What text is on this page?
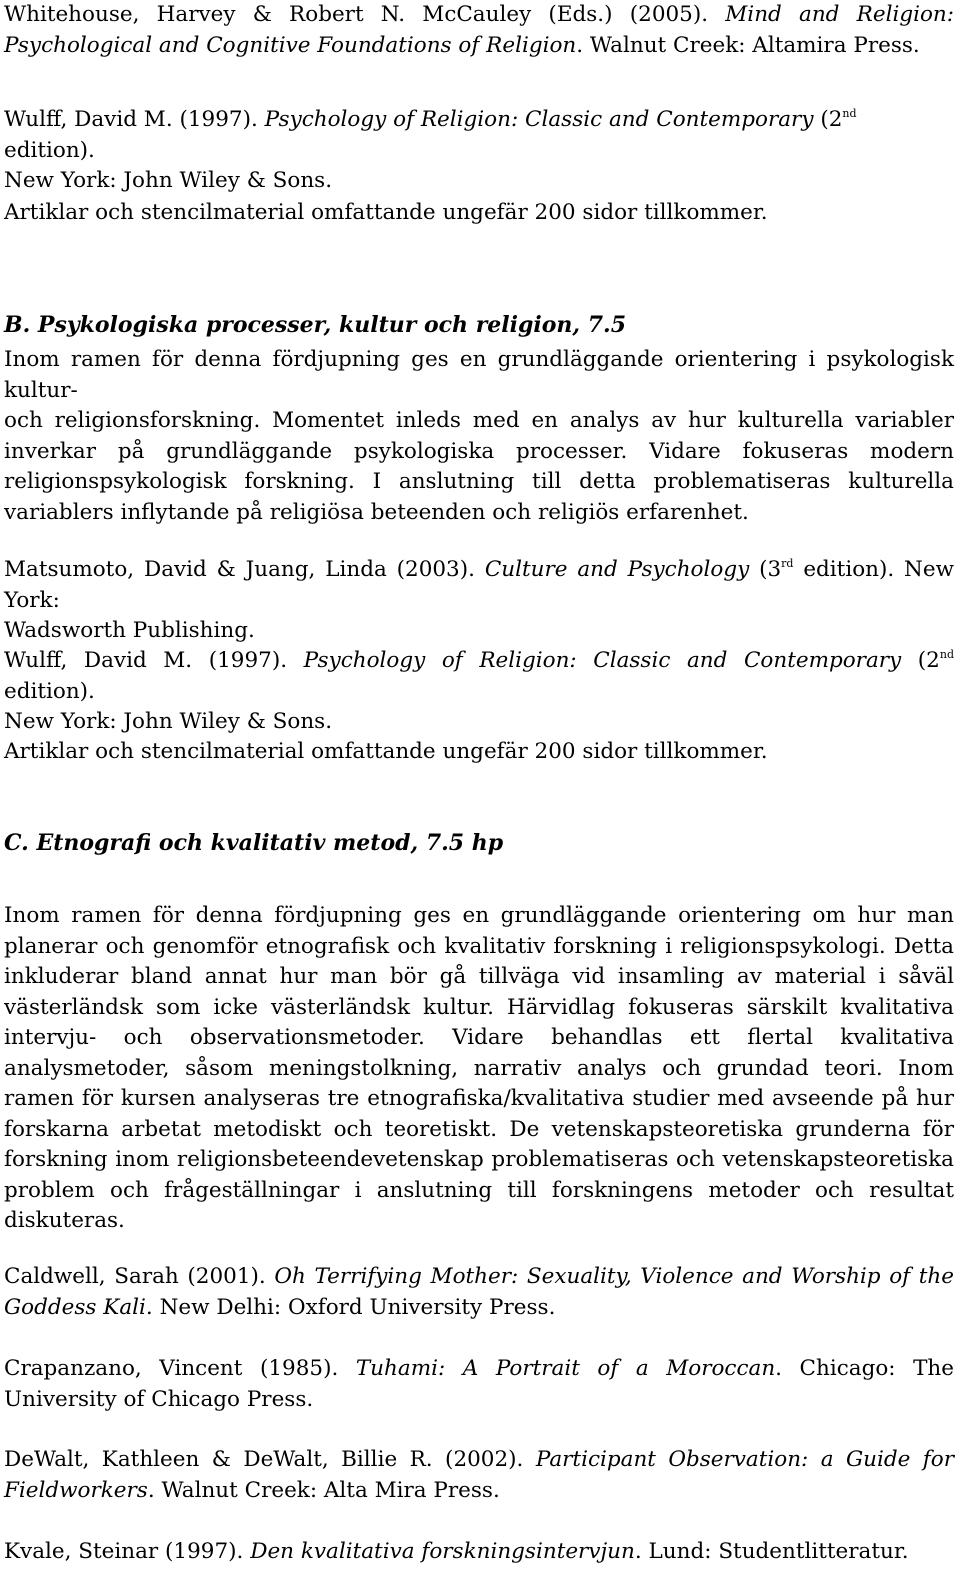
Whitehouse, Harvey & Robert N. McCauley (Eds.) (2005). Mind and Religion:
Psychological and Cognitive Foundations of Religion. Walnut Creek: Altamira Press.
Wulff, David M. (1997). Psychology of Religion: Classic and Contemporary (2nd edition).
New York: John Wiley & Sons.

Artiklar och stencilmaterial omfattande ungefär 200 sidor tillkommer.

B. Psykologiska processer, kultur och religion, 7.5
Inom ramen för denna fördjupning ges en grundläggande orientering i psykologisk kultur-
och religionsforskning. Momentet inleds med en analys av hur kulturella variabler inverkar på grundläggande psykologiska processer. Vidare fokuseras modern religionspsykologisk forskning. I anslutning till detta problematiseras kulturella variablers inflytande på religiösa beteenden och religiös erfarenhet.
Matsumoto, David & Juang, Linda (2003). Culture and Psychology (3rd edition). New York:
Wadsworth Publishing.
Wulff, David M. (1997). Psychology of Religion: Classic and Contemporary (2nd edition).
New York: John Wiley & Sons.

Artiklar och stencilmaterial omfattande ungefär 200 sidor tillkommer.

C. Etnografi och kvalitativ metod, 7.5 hp

Inom ramen för denna fördjupning ges en grundläggande orientering om hur man planerar och genomför etnografisk och kvalitativ forskning i religionspsykologi. Detta inkluderar bland annat hur man bör gå tillväga vid insamling av material i såväl västerländsk som icke västerländsk kultur. Härvidlag fokuseras särskilt kvalitativa intervju- och observationsmetoder. Vidare behandlas ett flertal kvalitativa analysmetoder, såsom meningstolkning, narrativ analys och grundad teori. Inom ramen för kursen analyseras tre etnografiska/kvalitativa studier med avseende på hur forskarna arbetat metodiskt och teoretiskt. De vetenskapsteoretiska grunderna för forskning inom religionsbeteendevetenskap problematiseras och vetenskapsteoretiska problem och frågeställningar i anslutning till forskningens metoder och resultat diskuteras.

Caldwell, Sarah (2001). Oh Terrifying Mother: Sexuality, Violence and Worship of the Goddess Kali. New Delhi: Oxford University Press.

Crapanzano, Vincent (1985). Tuhami: A Portrait of a Moroccan. Chicago: The University of Chicago Press.

DeWalt, Kathleen & DeWalt, Billie R. (2002). Participant Observation: a Guide for Fieldworkers. Walnut Creek: Alta Mira Press.

Kvale, Steinar (1997). Den kvalitativa forskningsintervjun. Lund: Studentlitteratur.
